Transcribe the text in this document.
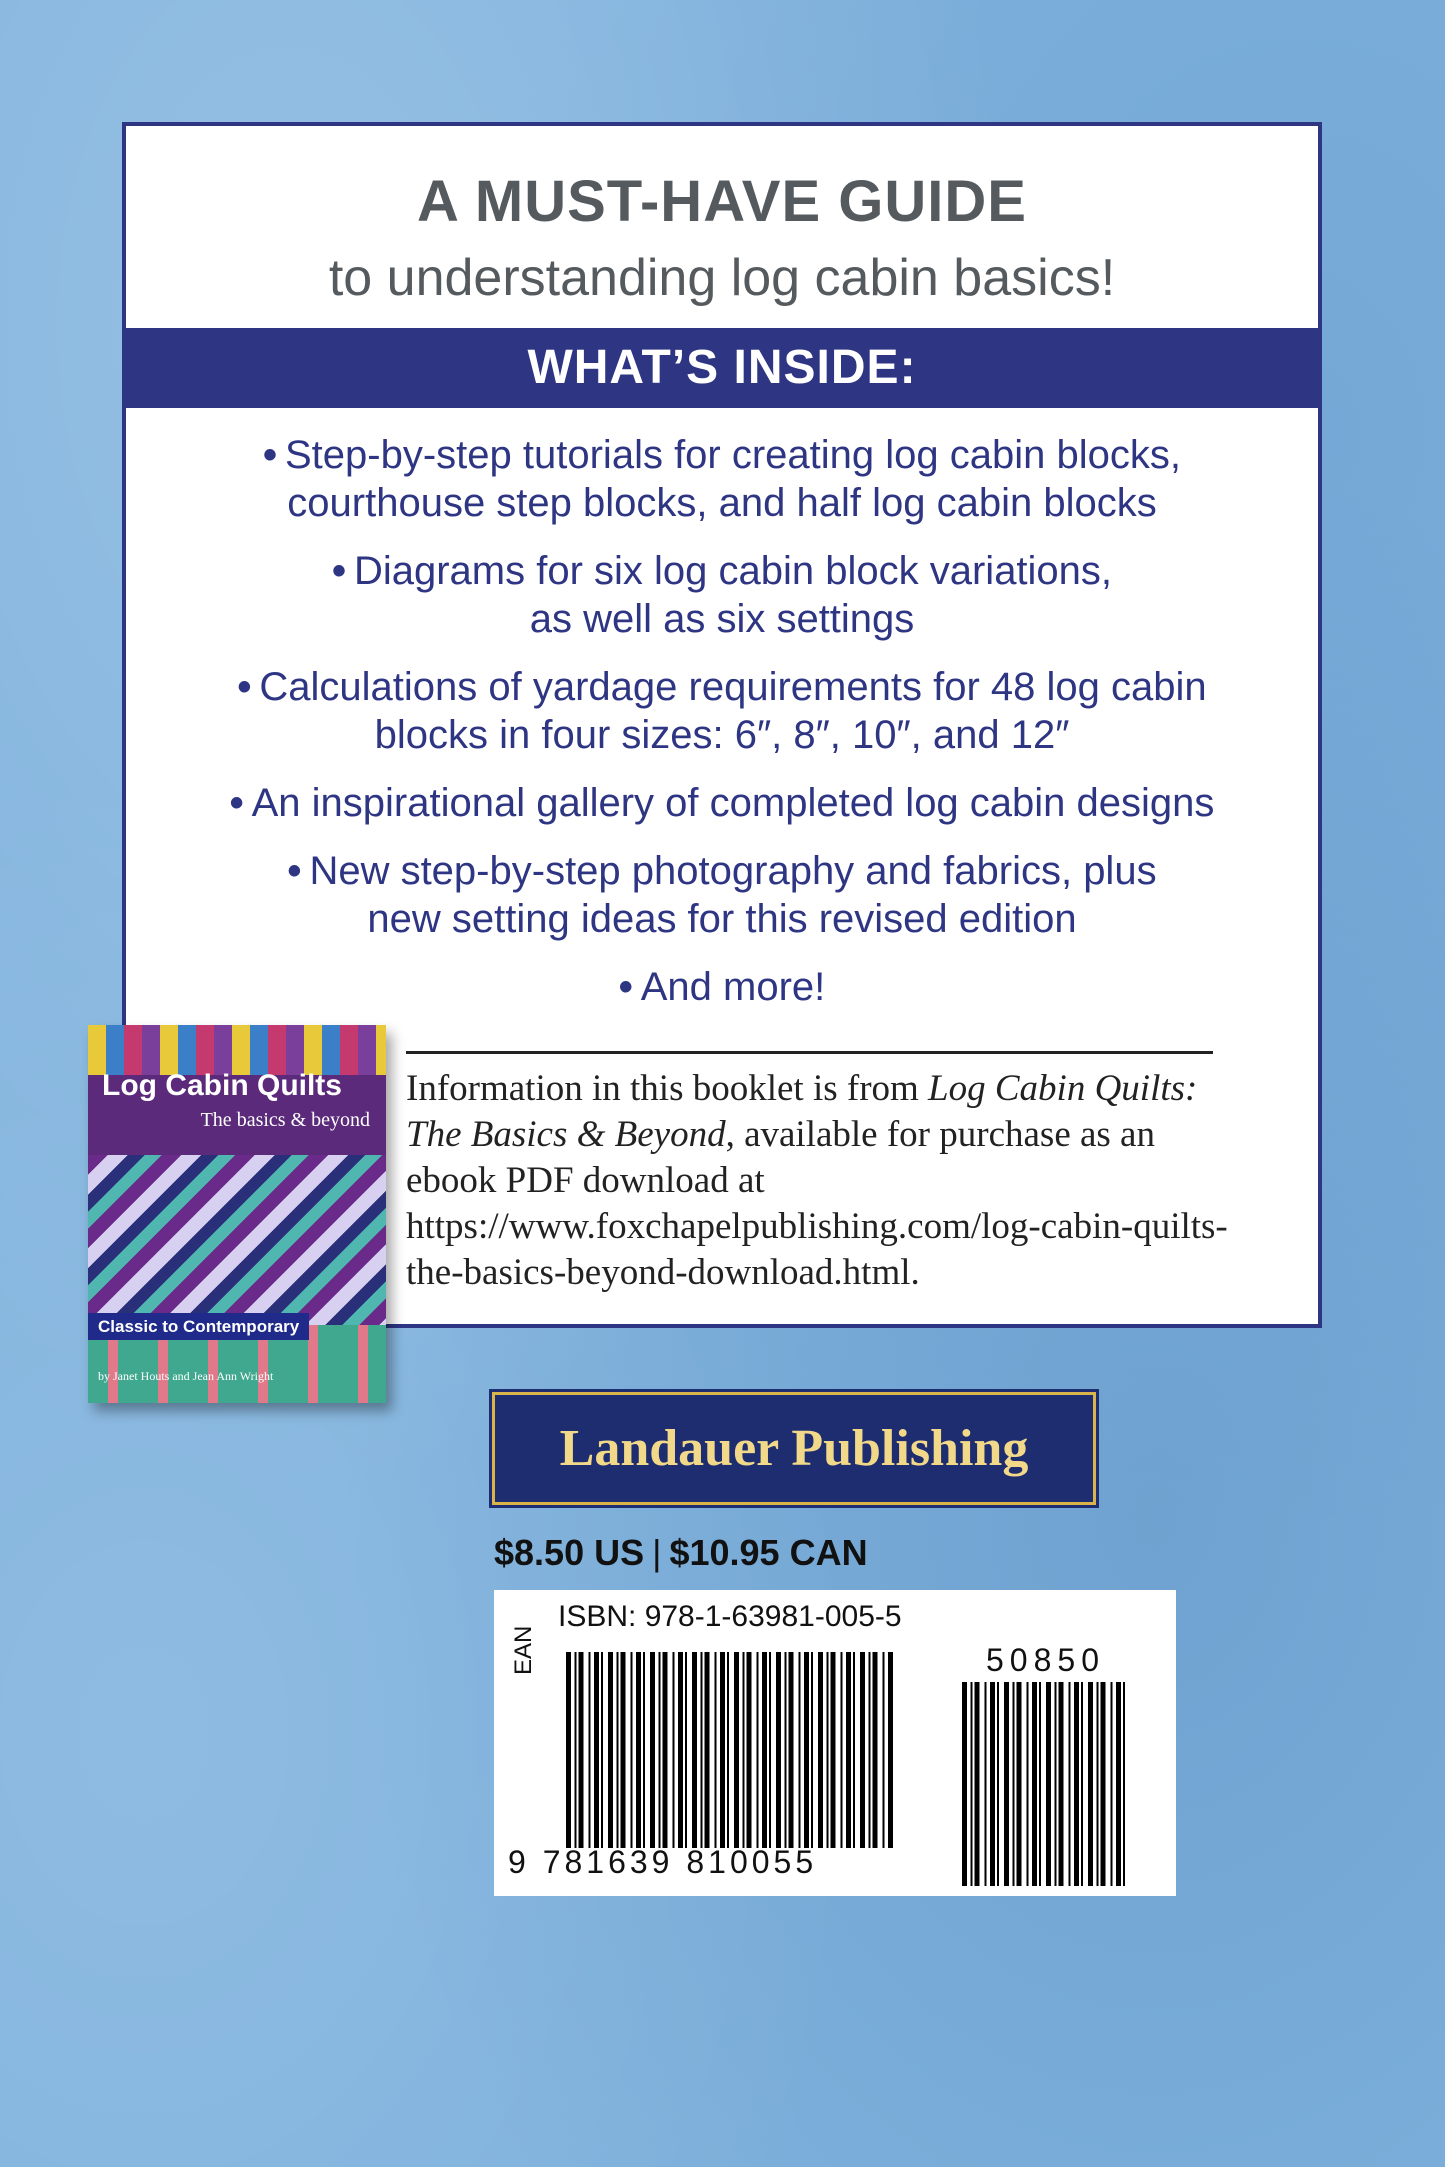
A MUST-HAVE GUIDE
to understanding log cabin basics!
WHAT’S INSIDE:
• Step-by-step tutorials for creating log cabin blocks,
courthouse step blocks, and half log cabin blocks
• Diagrams for six log cabin block variations,
as well as six settings
• Calculations of yardage requirements for 48 log cabin
blocks in four sizes: 6″, 8″, 10″, and 12″
• An inspirational gallery of completed log cabin designs
• New step-by-step photography and fabrics, plus
new setting ideas for this revised edition
• And more!
Information in this booklet is from Log Cabin Quilts: The Basics & Beyond, available for purchase as an ebook PDF download at https://www.foxchapelpublishing.com/log-cabin-quilts-the-basics-beyond-download.html.
Log Cabin Quilts
The basics & beyond
Classic to Contemporary
by Janet Houts and Jean Ann Wright
Landauer Publishing
$8.50 US | $10.95 CAN
ISBN: 978-1-63981-005-5
EAN
9 781639 810055
50850
